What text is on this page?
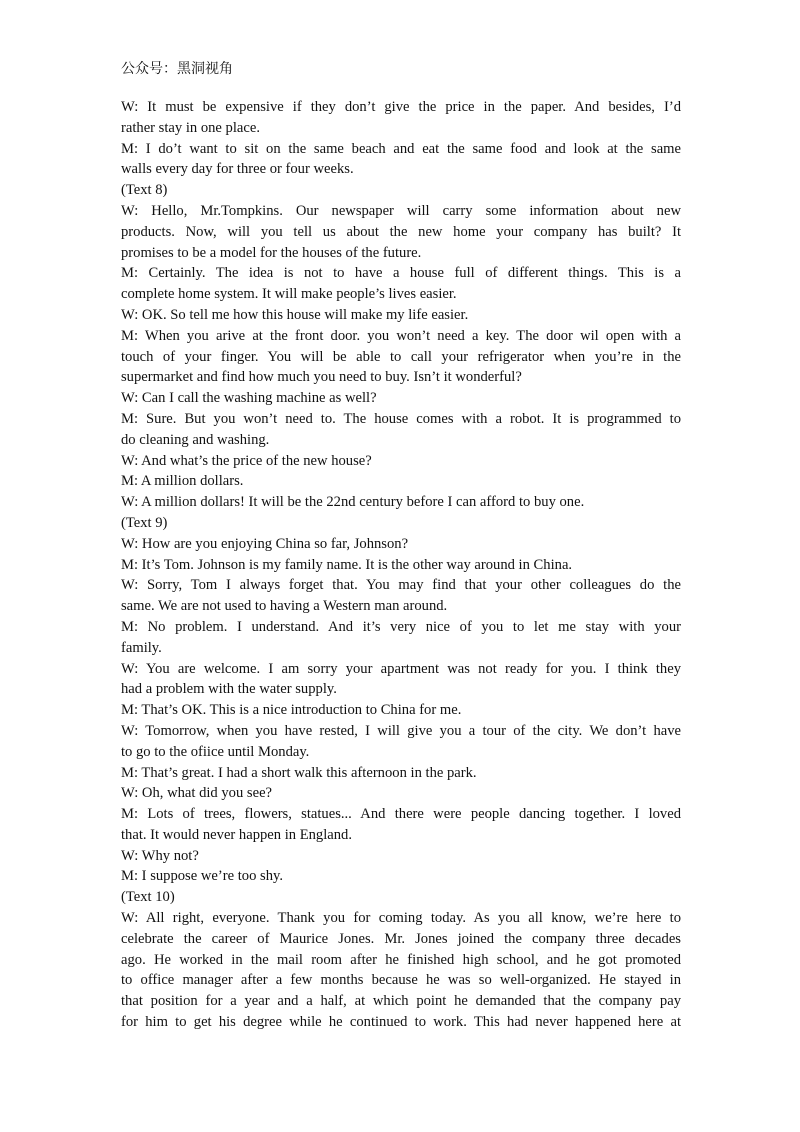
公众号：黑洞视角

W: It must be expensive if they don’t give the price in the paper. And besides, I’d

rather stay in one place.

M: I do’t want to sit on the same beach and eat the same food and look at the same

walls every day for three or four weeks.

(Text 8)

W: Hello, Mr.Tompkins. Our newspaper will carry some information about new

products. Now, will you tell us about the new home your company has built? It

promises to be a model for the houses of the future.

M: Certainly. The idea is not to have a house full of different things. This is a

complete home system. It will make people’s lives easier.

W: OK. So tell me how this house will make my life easier.

M: When you arive at the front door. you won’t need a key. The door wil open with a

touch of your finger. You will be able to call your refrigerator when you’re in the

supermarket and find how much you need to buy. Isn’t it wonderful?

W: Can I call the washing machine as well?

M: Sure. But you won’t need to. The house comes with a robot. It is programmed to

do cleaning and washing.

W: And what’s the price of the new house?

M: A million dollars.

W: A million dollars! It will be the 22nd century before I can afford to buy one.

(Text 9)

W: How are you enjoying China so far, Johnson?

M: It’s Tom. Johnson is my family name. It is the other way around in China.

W: Sorry, Tom I always forget that. You may find that your other colleagues do the

same. We are not used to having a Western man around.

M: No problem. I understand. And it’s very nice of you to let me stay with your

family.

W: You are welcome. I am sorry your apartment was not ready for you. I think they

had a problem with the water supply.

M: That’s OK. This is a nice introduction to China for me.

W: Tomorrow, when you have rested, I will give you a tour of the city. We don’t have

to go to the ofiice until Monday.

M: That’s great. I had a short walk this afternoon in the park.

W: Oh, what did you see?

M: Lots of trees, flowers, statues... And there were people dancing together. I loved

that. It would never happen in England.

W: Why not?

M: I suppose we’re too shy.

(Text 10)

W: All right, everyone. Thank you for coming today. As you all know, we’re here to

celebrate the career of Maurice Jones. Mr. Jones joined the company three decades

ago. He worked in the mail room after he finished high school, and he got promoted

to office manager after a few months because he was so well-organized. He stayed in

that position for a year and a half, at which point he demanded that the company pay

for him to get his degree while he continued to work. This had never happened here at
